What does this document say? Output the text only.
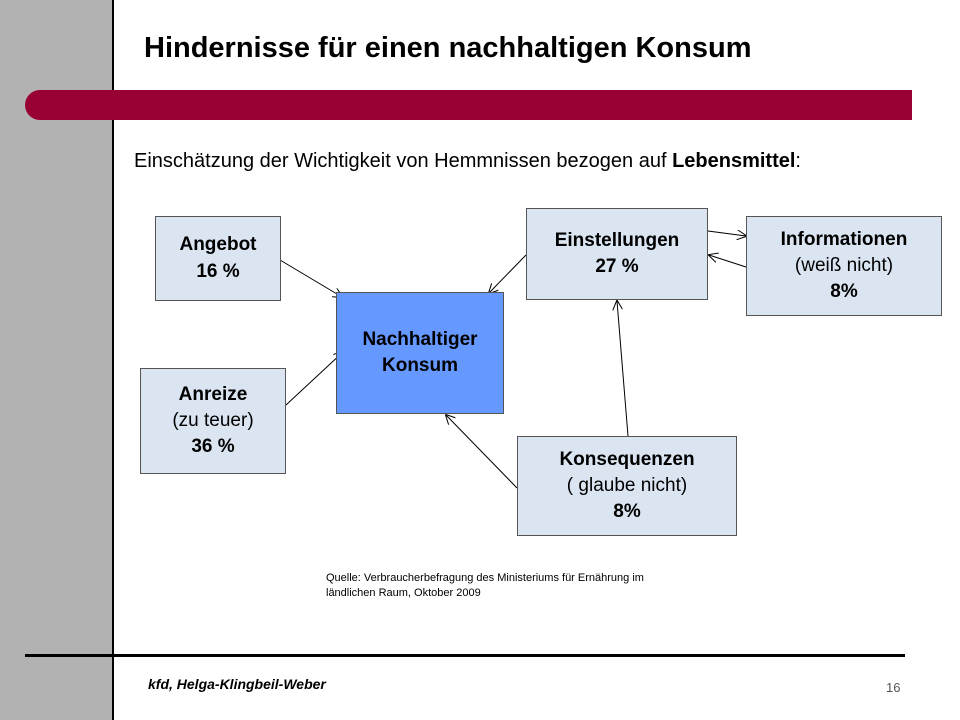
Hindernisse für einen nachhaltigen Konsum
Einschätzung der Wichtigkeit von Hemmnissen bezogen auf Lebensmittel:
Angebot
16 %
Anreize
(zu teuer)
36 %
Nachhaltiger
Konsum
Einstellungen
27 %
Informationen
(weiß nicht)
8%
Konsequenzen
( glaube nicht)
8%
Quelle: Verbraucherbefragung des Ministeriums für Ernährung im
ländlichen Raum, Oktober 2009
kfd, Helga-Klingbeil-Weber	16
